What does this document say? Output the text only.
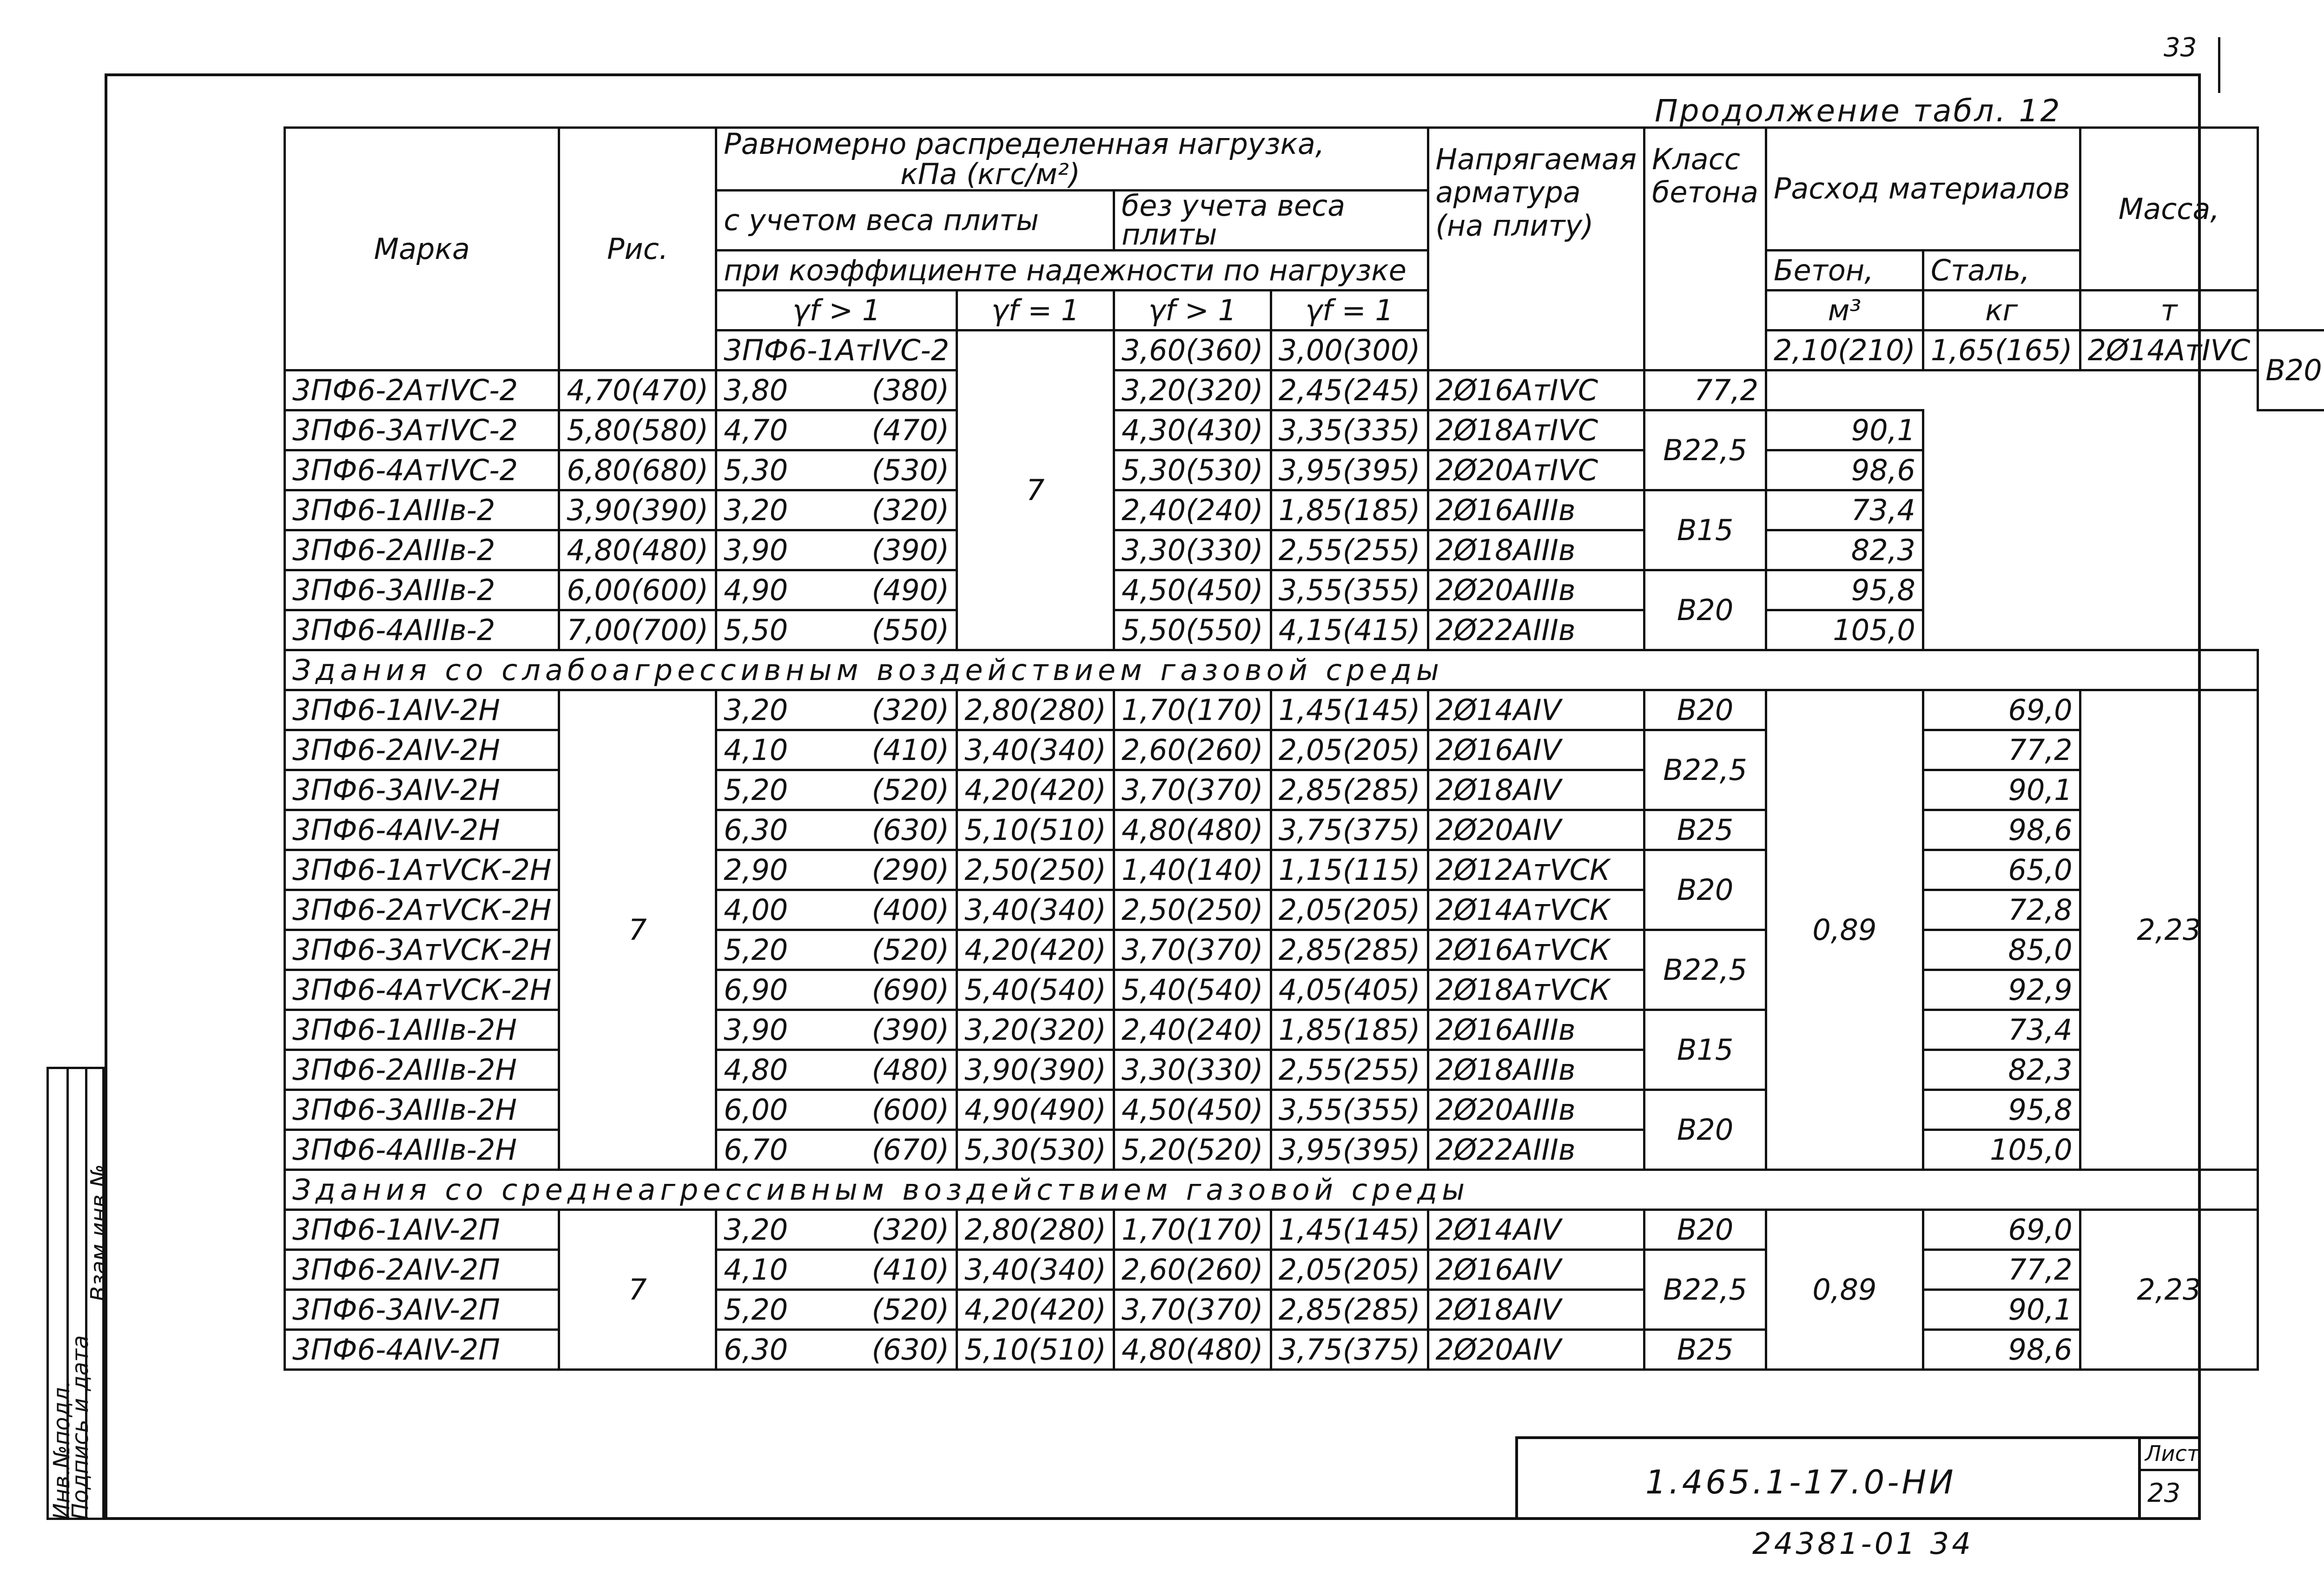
33
Продолжение табл. 12
Инв.№подл.
Подпись и дата
Взам.инв.№
Марка	Рис.	Равномерно распределенная нагрузка,
кПа (кгс/м²)				Напрягаемая арматура (на плиту)	Класс бетона	Расход материалов		Масса,				
		с учетом веса плиты		без учета веса плиты										
		при коэффициенте надежности по нагрузке						Бетон,	Сталь,					
		γf > 1	γf = 1	γf > 1	γf = 1			м³	кг	т				
		3ПФ6-1АтIVС-2	7	3,60 (360)	3,00 (300)			2,10 (210)	1,65 (165)	2Ø14АтIVС	В20			
3ПФ6-2АтIVС-2	4,70 (470)	3,80 (380)		3,20 (320)	2,45 (245)	2Ø16АтIVС	77,2							
3ПФ6-3АтIVС-2	5,80 (580)	4,70 (470)		4,30 (430)	3,35 (335)	2Ø18АтIVС	В22,5	90,1						
3ПФ6-4АтIVС-2	6,80 (680)	5,30 (530)		5,30 (530)	3,95 (395)	2Ø20АтIVС		98,6						
3ПФ6-1АIIIв-2	3,90 (390)	3,20 (320)		2,40 (240)	1,85 (185)	2Ø16АIIIв	В15	73,4						
3ПФ6-2АIIIв-2	4,80 (480)	3,90 (390)		3,30 (330)	2,55 (255)	2Ø18АIIIв		82,3						
3ПФ6-3АIIIв-2	6,00 (600)	4,90 (490)		4,50 (450)	3,55 (355)	2Ø20АIIIв	В20	95,8						
3ПФ6-4АIIIв-2	7,00 (700)	5,50 (550)		5,50 (550)	4,15 (415)	2Ø22АIIIв		105,0						
Здания со слабоагрессивным воздействием газовой среды														
3ПФ6-1АIV-2Н	7	3,20 (320)	2,80 (280)	1,70 (170)	1,45 (145)	2Ø14АIV	В20	0,89	69,0	2,23				
3ПФ6-2АIV-2Н		4,10 (410)	3,40 (340)	2,60 (260)	2,05 (205)	2Ø16АIV	В22,5		77,2					
3ПФ6-3АIV-2Н		5,20 (520)	4,20 (420)	3,70 (370)	2,85 (285)	2Ø18АIV			90,1					
3ПФ6-4АIV-2Н		6,30 (630)	5,10 (510)	4,80 (480)	3,75 (375)	2Ø20АIV	В25		98,6					
3ПФ6-1АтVСК-2Н		2,90 (290)	2,50 (250)	1,40 (140)	1,15 (115)	2Ø12АтVСК	В20		65,0					
3ПФ6-2АтVСК-2Н		4,00 (400)	3,40 (340)	2,50 (250)	2,05 (205)	2Ø14АтVСК			72,8					
3ПФ6-3АтVСК-2Н		5,20 (520)	4,20 (420)	3,70 (370)	2,85 (285)	2Ø16АтVСК	В22,5		85,0					
3ПФ6-4АтVСК-2Н		6,90 (690)	5,40 (540)	5,40 (540)	4,05 (405)	2Ø18АтVСК			92,9					
3ПФ6-1АIIIв-2Н		3,90 (390)	3,20 (320)	2,40 (240)	1,85 (185)	2Ø16АIIIв	В15		73,4					
3ПФ6-2АIIIв-2Н		4,80 (480)	3,90 (390)	3,30 (330)	2,55 (255)	2Ø18АIIIв			82,3					
3ПФ6-3АIIIв-2Н		6,00 (600)	4,90 (490)	4,50 (450)	3,55 (355)	2Ø20АIIIв	В20		95,8					
3ПФ6-4АIIIв-2Н		6,70 (670)	5,30 (530)	5,20 (520)	3,95 (395)	2Ø22АIIIв			105,0					
Здания со среднеагрессивным воздействием газовой среды														
3ПФ6-1АIV-2П	7	3,20 (320)	2,80 (280)	1,70 (170)	1,45 (145)	2Ø14АIV	В20	0,89	69,0	2,23				
3ПФ6-2АIV-2П		4,10 (410)	3,40 (340)	2,60 (260)	2,05 (205)	2Ø16АIV	В22,5		77,2					
3ПФ6-3АIV-2П		5,20 (520)	4,20 (420)	3,70 (370)	2,85 (285)	2Ø18АIV			90,1					
3ПФ6-4АIV-2П		6,30 (630)	5,10 (510)	4,80 (480)	3,75 (375)	2Ø20АIV	В25		98,6					
1.465.1-17.0-НИ
Лист
23
24381-01 34
